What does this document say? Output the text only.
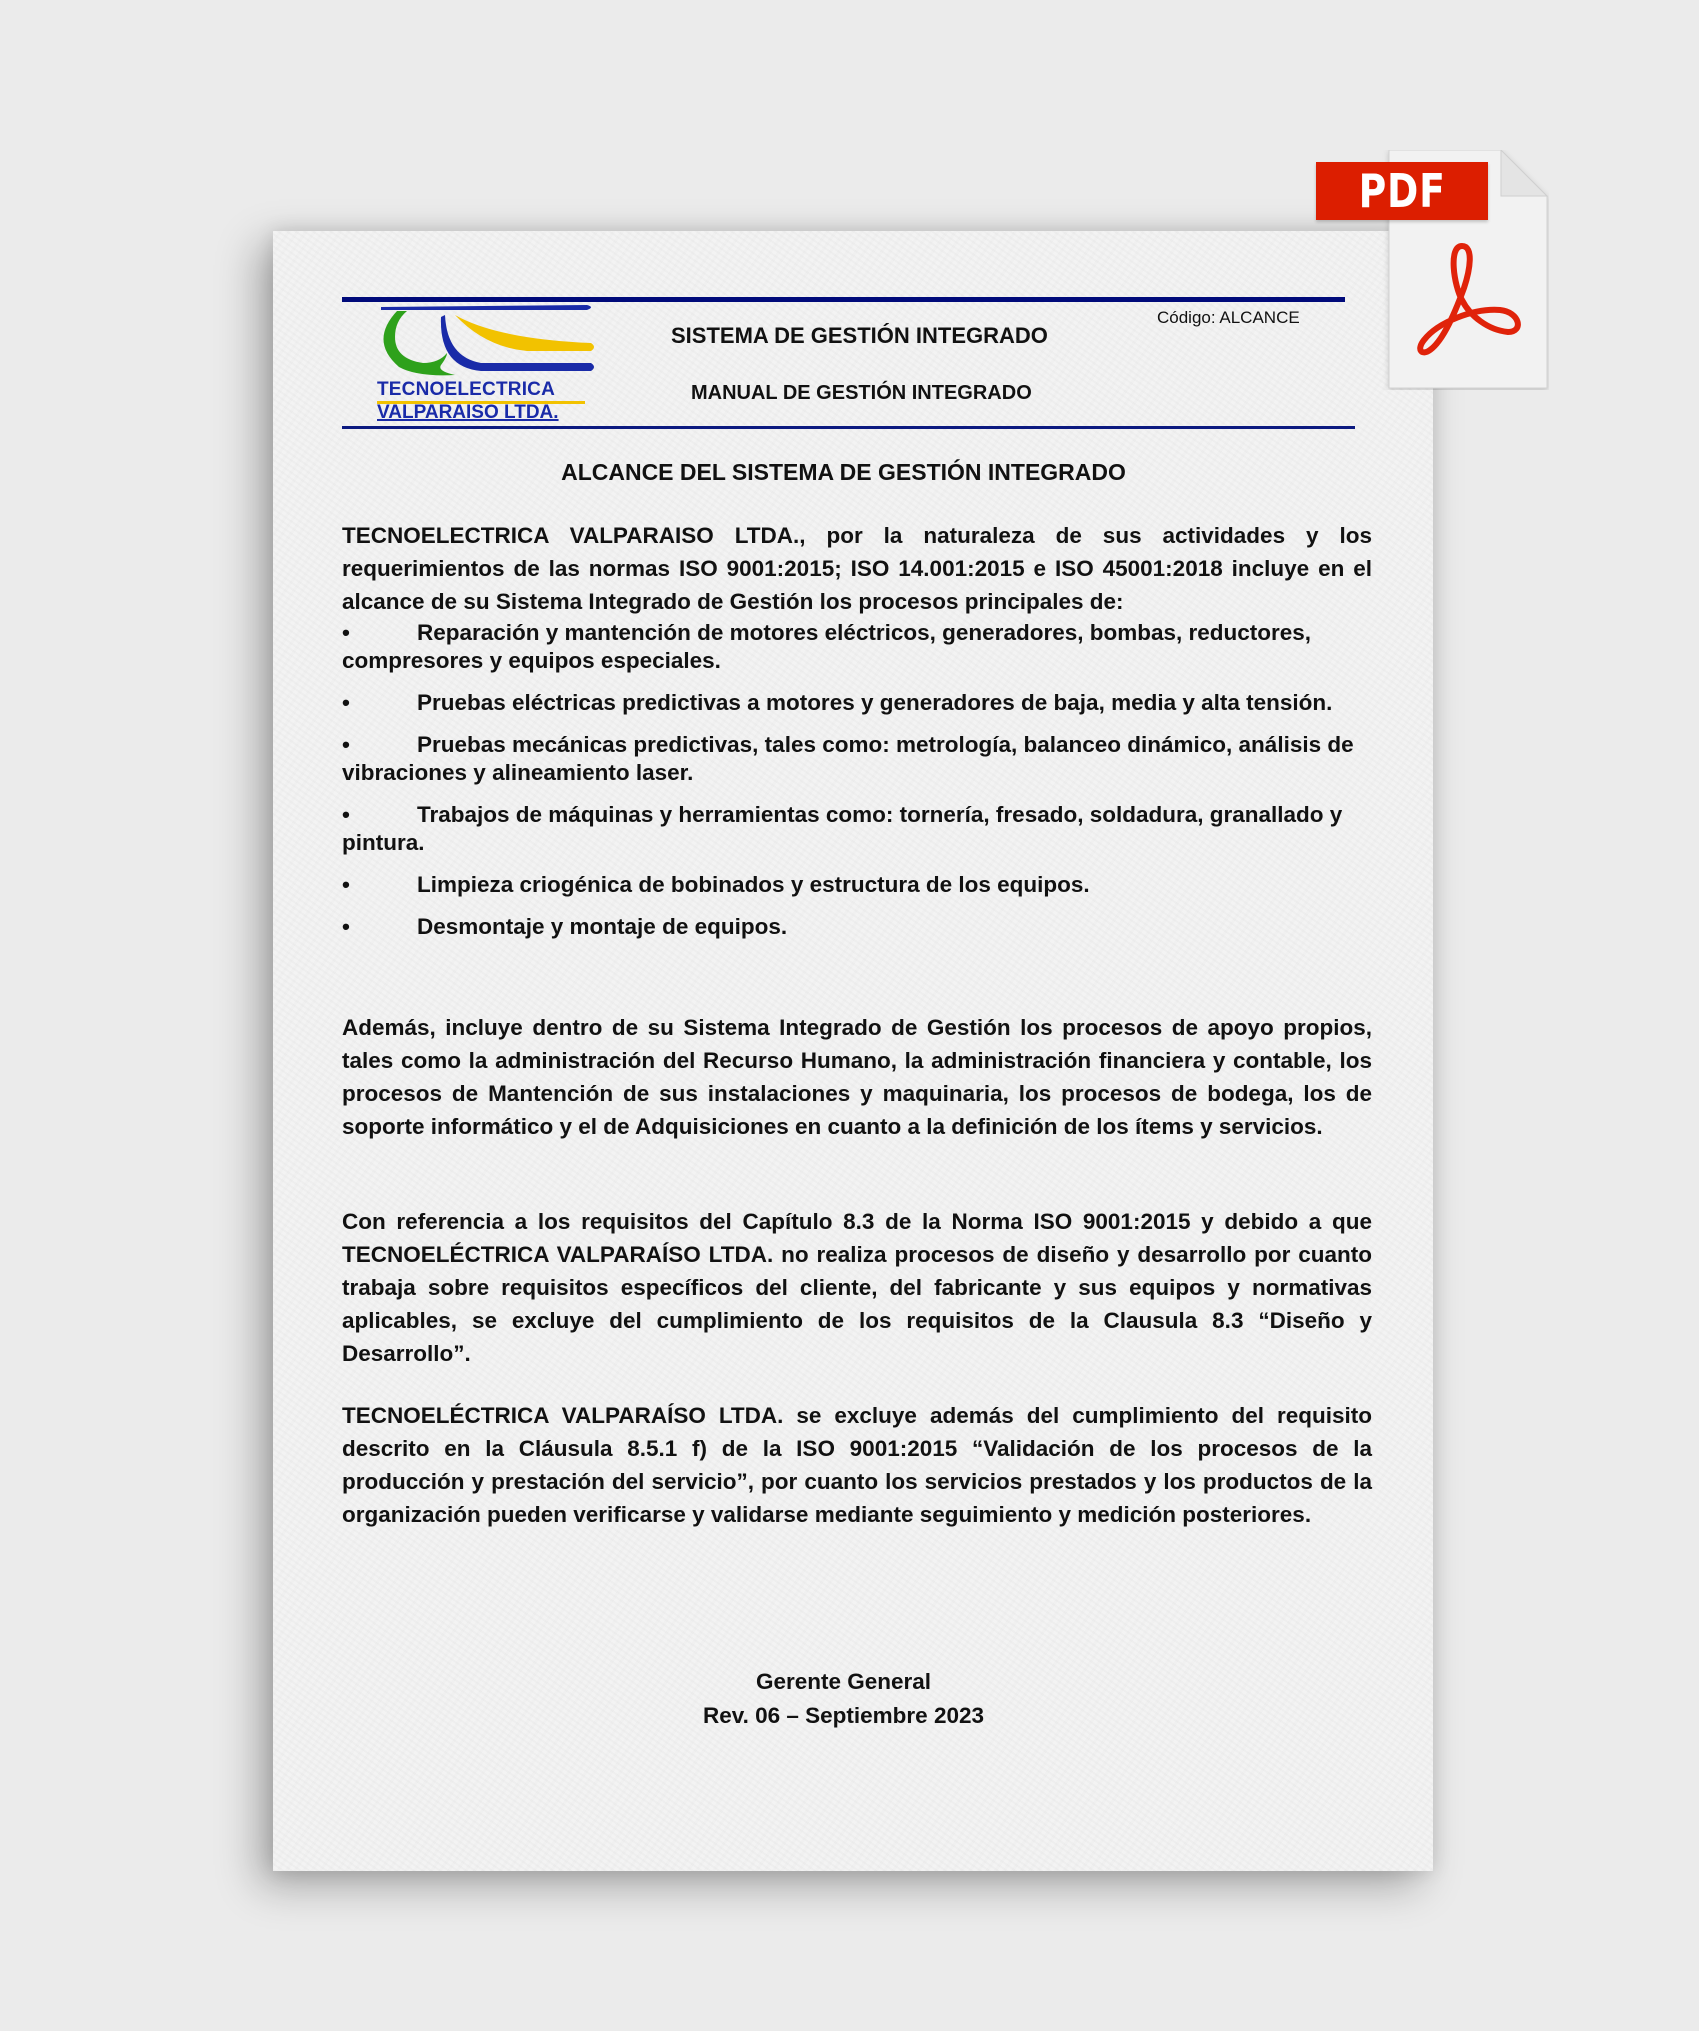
TECNOELECTRICA
VALPARAISO LTDA.
SISTEMA DE GESTIÓN INTEGRADO
MANUAL DE GESTIÓN INTEGRADO
Código: ALCANCE
ALCANCE DEL SISTEMA DE GESTIÓN INTEGRADO

TECNOELECTRICA VALPARAISO LTDA., por la naturaleza de sus actividades y los requerimientos de las normas ISO 9001:2015; ISO 14.001:2015 e ISO 45001:2018 incluye en el alcance de su Sistema Integrado de Gestión los procesos principales de:

•	Reparación y mantención de motores eléctricos, generadores, bombas, reductores, compresores y equipos especiales.
•	Pruebas eléctricas predictivas a motores y generadores de baja, media y alta tensión.
•	Pruebas mecánicas predictivas, tales como: metrología, balanceo dinámico, análisis de vibraciones y alineamiento laser.
•	Trabajos de máquinas y herramientas como: tornería, fresado, soldadura, granallado y pintura.
•	Limpieza criogénica de bobinados y estructura de los equipos.
•	Desmontaje y montaje de equipos.

Además, incluye dentro de su Sistema Integrado de Gestión los procesos de apoyo propios, tales como la administración del Recurso Humano, la administración financiera y contable, los procesos de Mantención de sus instalaciones y maquinaria, los procesos de bodega, los de soporte informático y el de Adquisiciones en cuanto a la definición de los ítems y servicios.

Con referencia a los requisitos del Capítulo 8.3 de la Norma ISO 9001:2015 y debido a que TECNOELÉCTRICA VALPARAÍSO LTDA. no realiza procesos de diseño y desarrollo por cuanto trabaja sobre requisitos específicos del cliente, del fabricante y sus equipos y normativas aplicables, se excluye del cumplimiento de los requisitos de la Clausula 8.3 “Diseño y Desarrollo”.

TECNOELÉCTRICA VALPARAÍSO LTDA. se excluye además del cumplimiento del requisito descrito en la Cláusula 8.5.1 f) de la ISO 9001:2015 “Validación de los procesos de la producción y prestación del servicio”, por cuanto los servicios prestados y los productos de la organización pueden verificarse y validarse mediante seguimiento y medición posteriores.

Gerente General
Rev. 06 – Septiembre 2023
PDF
